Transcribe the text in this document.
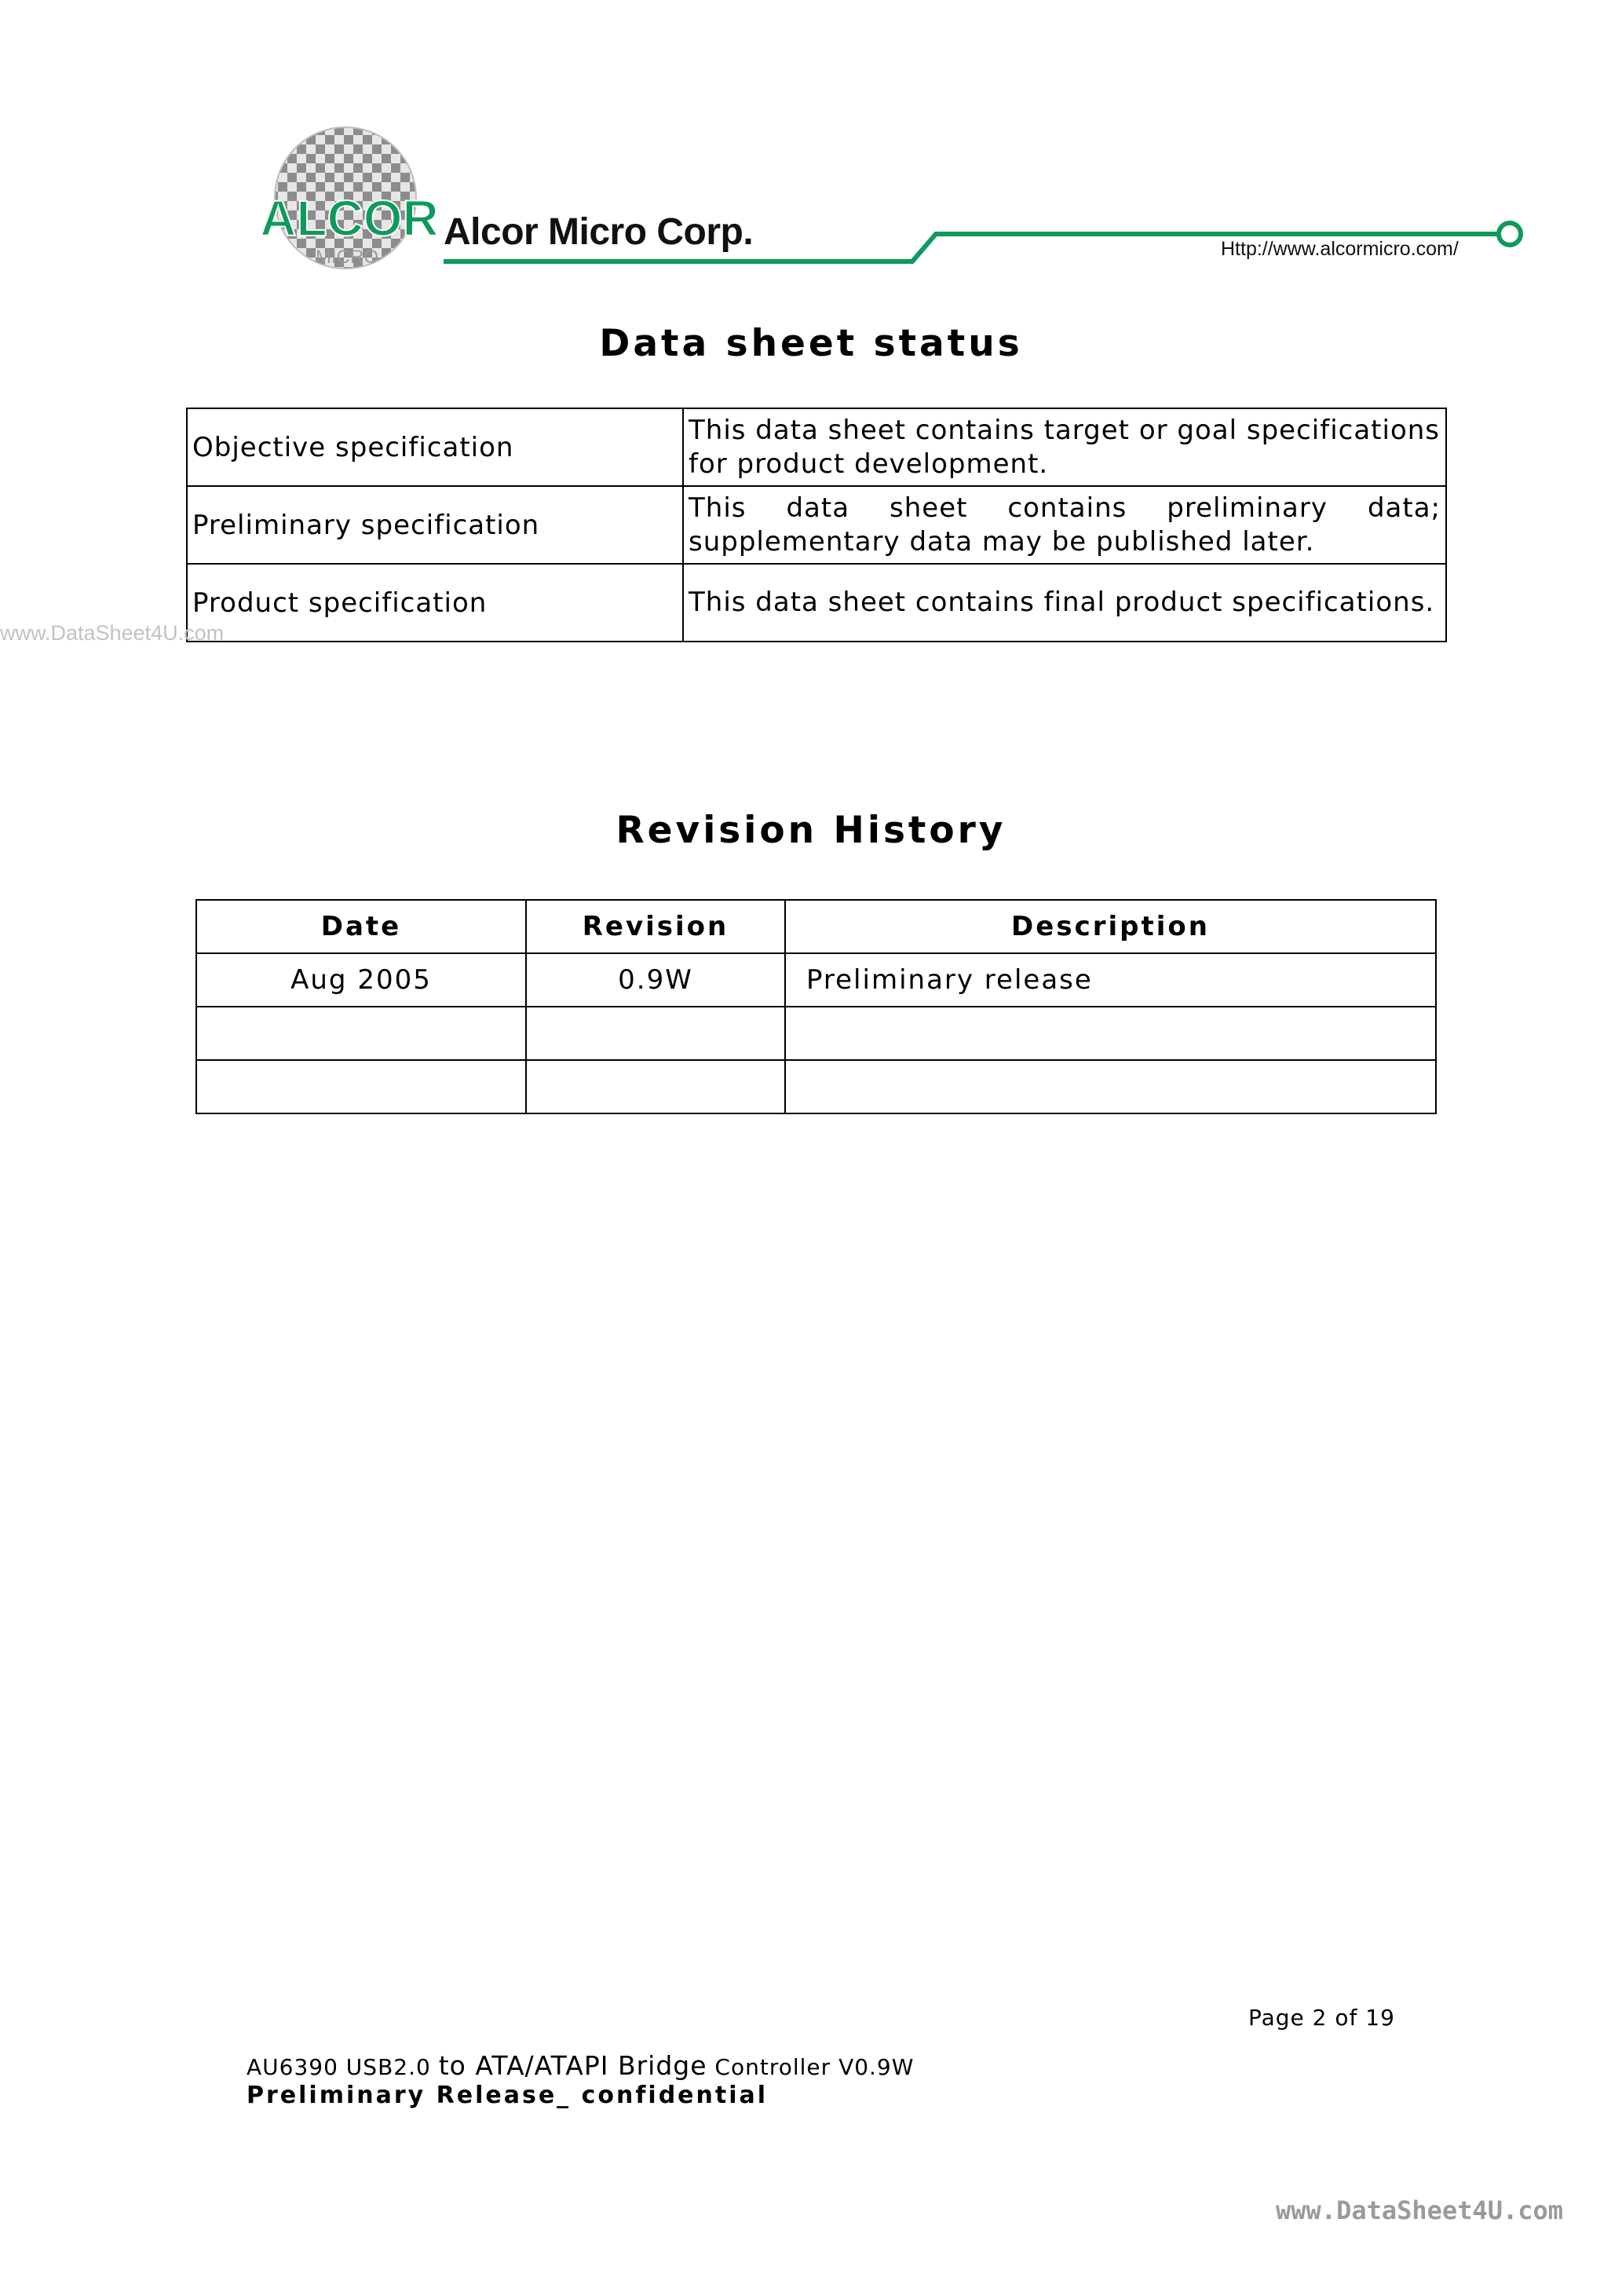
ALCOR
MICRO
Alcor Micro Corp.	Http://www.alcormicro.com/
Data sheet status
Objective specification	This data sheet contains target or goal specifications for product development.
Preliminary specification	This data sheet contains preliminary data;
supplementary data may be published later.

Product specification	This data sheet contains final product specifications.
www.DataSheet4U.com
Revision History
Date	Revision	Description
Aug 2005	0.9W	Preliminary release

Page 2 of 19
AU6390 USB2.0 to ATA/ATAPI Bridge Controller V0.9W
Preliminary Release_ confidential
www.DataSheet4U.com
